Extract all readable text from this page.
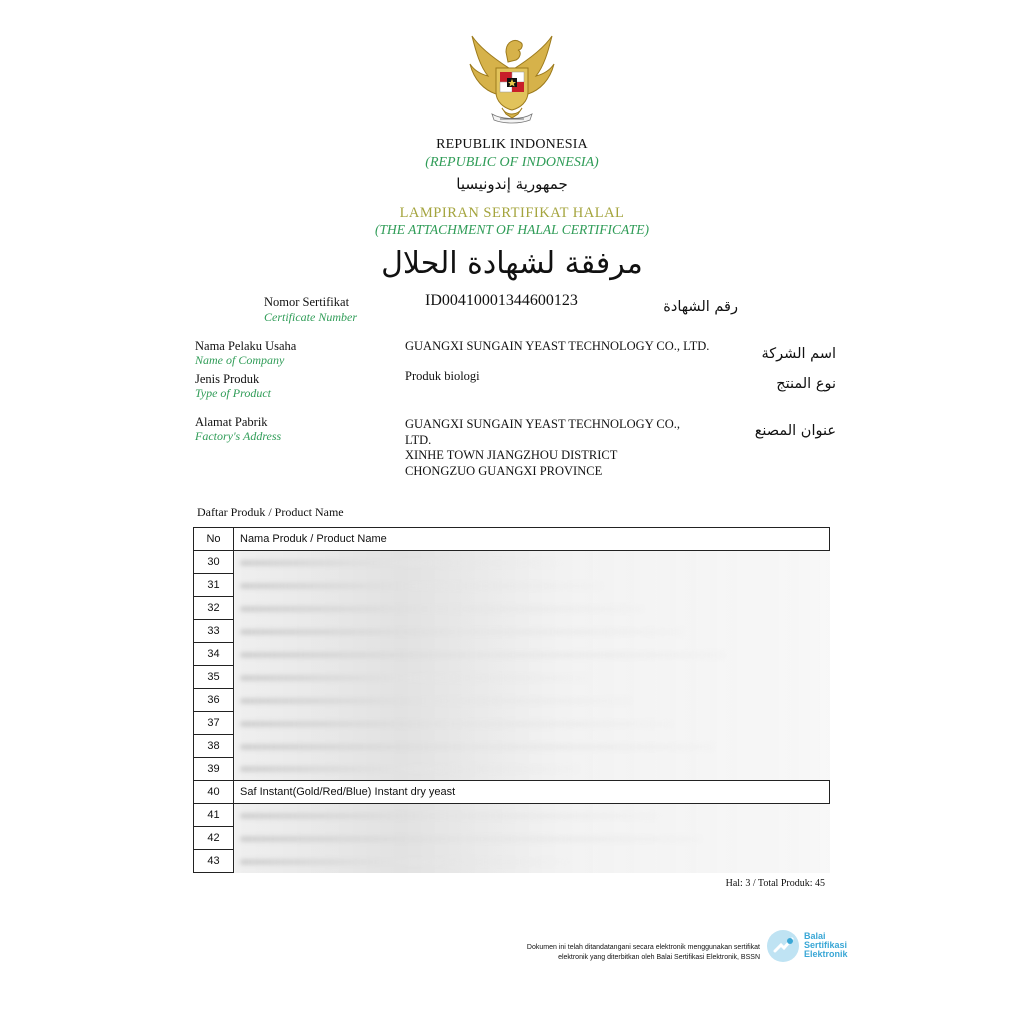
REPUBLIK INDONESIA
(REPUBLIC OF INDONESIA)
جمهورية إندونيسيا
LAMPIRAN SERTIFIKAT HALAL
(THE ATTACHMENT OF HALAL CERTIFICATE)
مرفقة لشهادة الحلال
Nomor Sertifikat
Certificate Number
ID00410001344600123	رقم الشهادة
Nama Pelaku Usaha
Name of Company
GUANGXI SUNGAIN YEAST TECHNOLOGY CO., LTD.	اسم الشركة
Jenis Produk
Type of Product
Produk biologi	نوع المنتج
Alamat Pabrik
Factory's Address
GUANGXI SUNGAIN YEAST TECHNOLOGY CO.,
LTD.
XINHE TOWN JIANGZHOU DISTRICT
CHONGZUO GUANGXI PROVINCE
عنوان المصنع
Daftar Produk / Product Name
No	Nama Produk / Product Name
30	

31	

32	

33	

34	

35	

36	

37	

38	

39	

40	Saf Instant(Gold/Red/Blue) Instant dry yeast
41	

42	

43	
Hal: 3 / Total Produk: 45
Dokumen ini telah ditandatangani secara elektronik menggunakan sertifikat
elektronik yang diterbitkan oleh Balai Sertifikasi Elektronik, BSSN
Balai
Sertifikasi
Elektronik
